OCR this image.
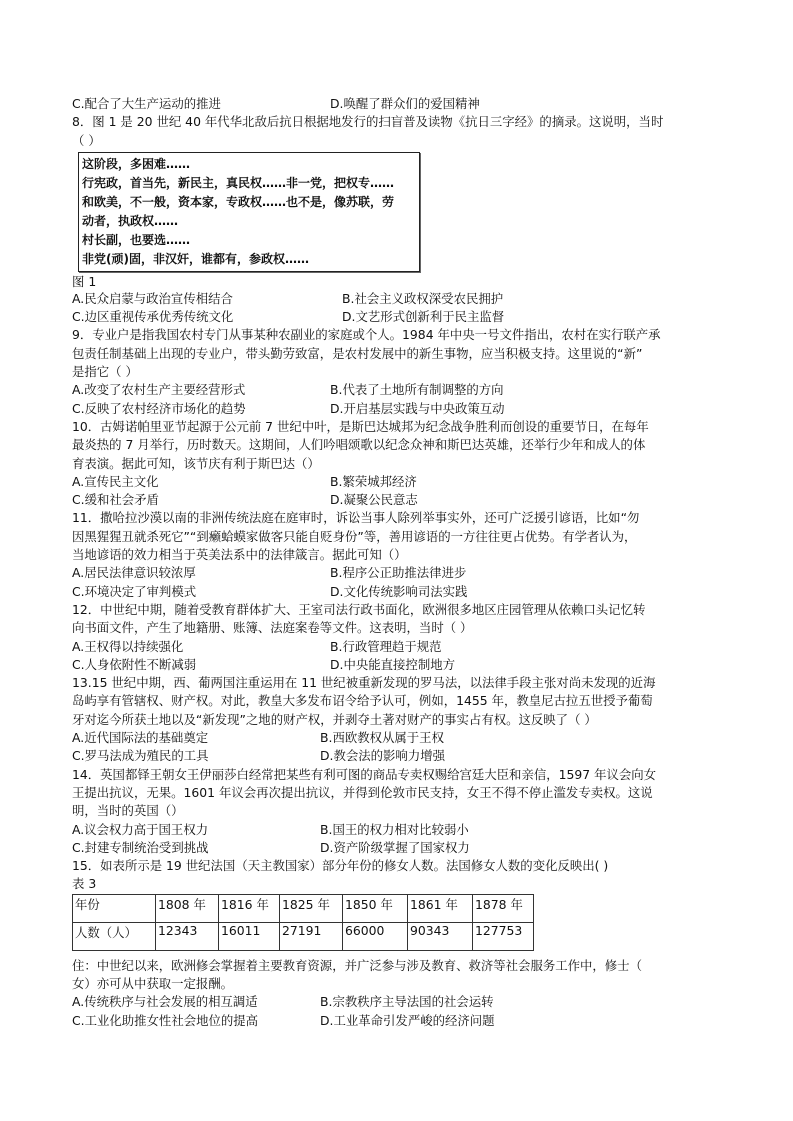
C.配合了大生产运动的推进	D.唤醒了群众们的爱国精神
8．图 1 是 20 世纪 40 年代华北敌后抗日根据地发行的扫盲普及读物《抗日三字经》的摘录。这说明，当时
（ ）
这阶段，多困难……
行宪政，首当先，新民主，真民权……非一党，把权专……
和欧美，不一般，资本家，专政权……也不是，像苏联，劳
动者，执政权……
村长副，也要选……
非党(顽)固，非汉奸，谁都有，参政权……
图 1
A.民众启蒙与政治宣传相结合	B.社会主义政权深受农民拥护
C.边区重视传承优秀传统文化	D.文艺形式创新利于民主监督
9．专业户是指我国农村专门从事某种农副业的家庭或个人。1984 年中央一号文件指出，农村在实行联产承
包责任制基础上出现的专业户，带头勤劳致富，是农村发展中的新生事物，应当积极支持。这里说的“新”
是指它（ ）
A.改变了农村生产主要经营形式	B.代表了土地所有制调整的方向
C.反映了农村经济市场化的趋势	D.开启基层实践与中央政策互动
10．古姆诺帕里亚节起源于公元前 7 世纪中叶，是斯巴达城邦为纪念战争胜利而创设的重要节日，在每年
最炎热的 7 月举行，历时数天。这期间，人们吟唱颂歌以纪念众神和斯巴达英雄，还举行少年和成人的体
育表演。据此可知，该节庆有利于斯巴达（）
A.宣传民主文化	B.繁荣城邦经济
C.缓和社会矛盾	D.凝聚公民意志
11．撒哈拉沙漠以南的非洲传统法庭在庭审时，诉讼当事人除列举事实外，还可广泛援引谚语，比如“勿
因黑猩猩丑就杀死它”“到癞蛤蟆家做客只能自贬身份”等，善用谚语的一方往往更占优势。有学者认为，
当地谚语的效力相当于英美法系中的法律箴言。据此可知（）
A.居民法律意识较浓厚	B.程序公正助推法律进步
C.环境决定了审判模式	D.文化传统影响司法实践
12．中世纪中期，随着受教育群体扩大、王室司法行政书面化，欧洲很多地区庄园管理从依赖口头记忆转
向书面文件，产生了地籍册、账簿、法庭案卷等文件。这表明，当时（ ）
A.王权得以持续强化	B.行政管理趋于规范
C.人身依附性不断减弱	D.中央能直接控制地方
13.15 世纪中期，西、葡两国注重运用在 11 世纪被重新发现的罗马法，以法律手段主张对尚未发现的近海
岛屿享有管辖权、财产权。对此，教皇大多发布诏令给予认可，例如，1455 年，教皇尼古拉五世授予葡萄
牙对迄今所获土地以及“新发现”之地的财产权，并剥夺土著对财产的事实占有权。这反映了（ ）
A.近代国际法的基础奠定	B.西欧教权从属于王权
C.罗马法成为殖民的工具	D.教会法的影响力增强
14．英国都铎王朝女王伊丽莎白经常把某些有利可图的商品专卖权赐给宫廷大臣和亲信，1597 年议会向女
王提出抗议，无果。1601 年议会再次提出抗议，并得到伦敦市民支持，女王不得不停止滥发专卖权。这说
明，当时的英国（）
A.议会权力高于国王权力	B.国王的权力相对比较弱小
C.封建专制统治受到挑战	D.资产阶级掌握了国家权力
15．如表所示是 19 世纪法国（天主教国家）部分年份的修女人数。法国修女人数的变化反映出( )
表 3
年份	1808 年	1816 年	1825 年	1850 年	1861 年	1878 年
人数（人）	12343	16011	27191	66000	90343	127753
住：中世纪以来，欧洲修会掌握着主要教育资源，并广泛参与涉及教育、救济等社会服务工作中，修士（
女）亦可从中获取一定报酬。
A.传统秩序与社会发展的相互調适	B.宗教秩序主导法国的社会运转
C.工业化助推女性社会地位的提高	D.工业革命引发严峻的经济问题
